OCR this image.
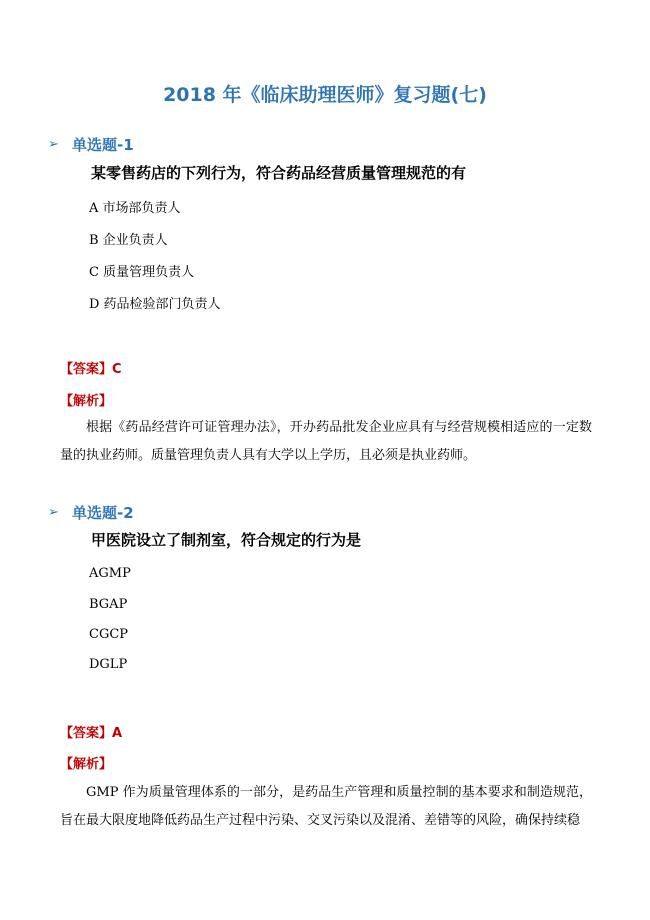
2018 年《临床助理医师》复习题(七)
➢ 单选题-1
某零售药店的下列行为，符合药品经营质量管理规范的有
A 市场部负责人
B 企业负责人
C 质量管理负责人
D 药品检验部门负责人
【答案】C
【解析】
根据《药品经营许可证管理办法》，开办药品批发企业应具有与经营规模相适应的一定数量的执业药师。质量管理负责人具有大学以上学历，且必须是执业药师。
➢ 单选题-2
甲医院设立了制剂室，符合规定的行为是
AGMP
BGAP
CGCP
DGLP
【答案】A
【解析】
GMP 作为质量管理体系的一部分，是药品生产管理和质量控制的基本要求和制造规范，旨在最大限度地降低药品生产过程中污染、交叉污染以及混淆、差错等的风险，确保持续稳
